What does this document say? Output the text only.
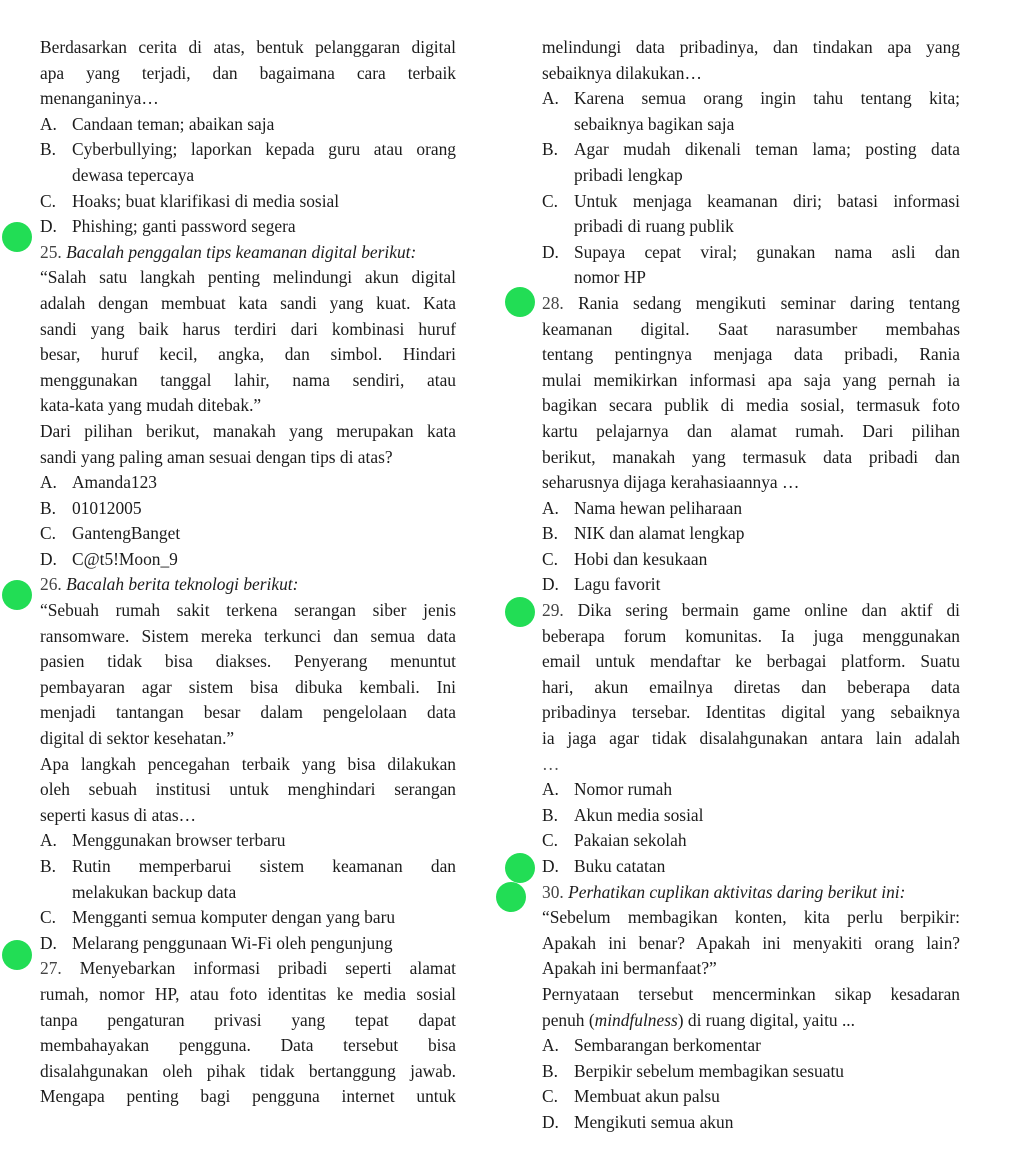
Berdasarkan cerita di atas, bentuk pelanggaran digital

apa yang terjadi, dan bagaimana cara terbaik

menanganinya…

A. Candaan teman; abaikan saja
B. Cyberbullying; laporkan kepada guru atau orang
dewasa tepercaya
C. Hoaks; buat klarifikasi di media sosial
D. Phishing; ganti password segera

25. Bacalah penggalan tips keamanan digital berikut:

“Salah satu langkah penting melindungi akun digital

adalah dengan membuat kata sandi yang kuat. Kata

sandi yang baik harus terdiri dari kombinasi huruf

besar, huruf kecil, angka, dan simbol. Hindari

menggunakan tanggal lahir, nama sendiri, atau

kata-kata yang mudah ditebak.”

Dari pilihan berikut, manakah yang merupakan kata

sandi yang paling aman sesuai dengan tips di atas?

A. Amanda123
B. 01012005
C. GantengBanget
D. C@t5!Moon_9

26. Bacalah berita teknologi berikut:

“Sebuah rumah sakit terkena serangan siber jenis

ransomware. Sistem mereka terkunci dan semua data

pasien tidak bisa diakses. Penyerang menuntut

pembayaran agar sistem bisa dibuka kembali. Ini

menjadi tantangan besar dalam pengelolaan data

digital di sektor kesehatan.”

Apa langkah pencegahan terbaik yang bisa dilakukan

oleh sebuah institusi untuk menghindari serangan

seperti kasus di atas…

A. Menggunakan browser terbaru
B. Rutin memperbarui sistem keamanan dan
melakukan backup data
C. Mengganti semua komputer dengan yang baru
D. Melarang penggunaan Wi-Fi oleh pengunjung

27. Menyebarkan informasi pribadi seperti alamat

rumah, nomor HP, atau foto identitas ke media sosial

tanpa pengaturan privasi yang tepat dapat

membahayakan pengguna. Data tersebut bisa

disalahgunakan oleh pihak tidak bertanggung jawab.

Mengapa penting bagi pengguna internet untuk

melindungi data pribadinya, dan tindakan apa yang

sebaiknya dilakukan…

A. Karena semua orang ingin tahu tentang kita;
sebaiknya bagikan saja
B. Agar mudah dikenali teman lama; posting data
pribadi lengkap
C. Untuk menjaga keamanan diri; batasi informasi
pribadi di ruang publik
D. Supaya cepat viral; gunakan nama asli dan
nomor HP

28. Rania sedang mengikuti seminar daring tentang

keamanan digital. Saat narasumber membahas

tentang pentingnya menjaga data pribadi, Rania

mulai memikirkan informasi apa saja yang pernah ia

bagikan secara publik di media sosial, termasuk foto

kartu pelajarnya dan alamat rumah. Dari pilihan

berikut, manakah yang termasuk data pribadi dan

seharusnya dijaga kerahasiaannya …

A. Nama hewan peliharaan
B. NIK dan alamat lengkap
C. Hobi dan kesukaan
D. Lagu favorit

29. Dika sering bermain game online dan aktif di

beberapa forum komunitas. Ia juga menggunakan

email untuk mendaftar ke berbagai platform. Suatu

hari, akun emailnya diretas dan beberapa data

pribadinya tersebar. Identitas digital yang sebaiknya

ia jaga agar tidak disalahgunakan antara lain adalah

…

A. Nomor rumah
B. Akun media sosial
C. Pakaian sekolah
D. Buku catatan

30. Perhatikan cuplikan aktivitas daring berikut ini:

“Sebelum membagikan konten, kita perlu berpikir:

Apakah ini benar? Apakah ini menyakiti orang lain?

Apakah ini bermanfaat?”

Pernyataan tersebut mencerminkan sikap kesadaran

penuh (mindfulness) di ruang digital, yaitu ...

A. Sembarangan berkomentar
B. Berpikir sebelum membagikan sesuatu
C. Membuat akun palsu
D. Mengikuti semua akun
